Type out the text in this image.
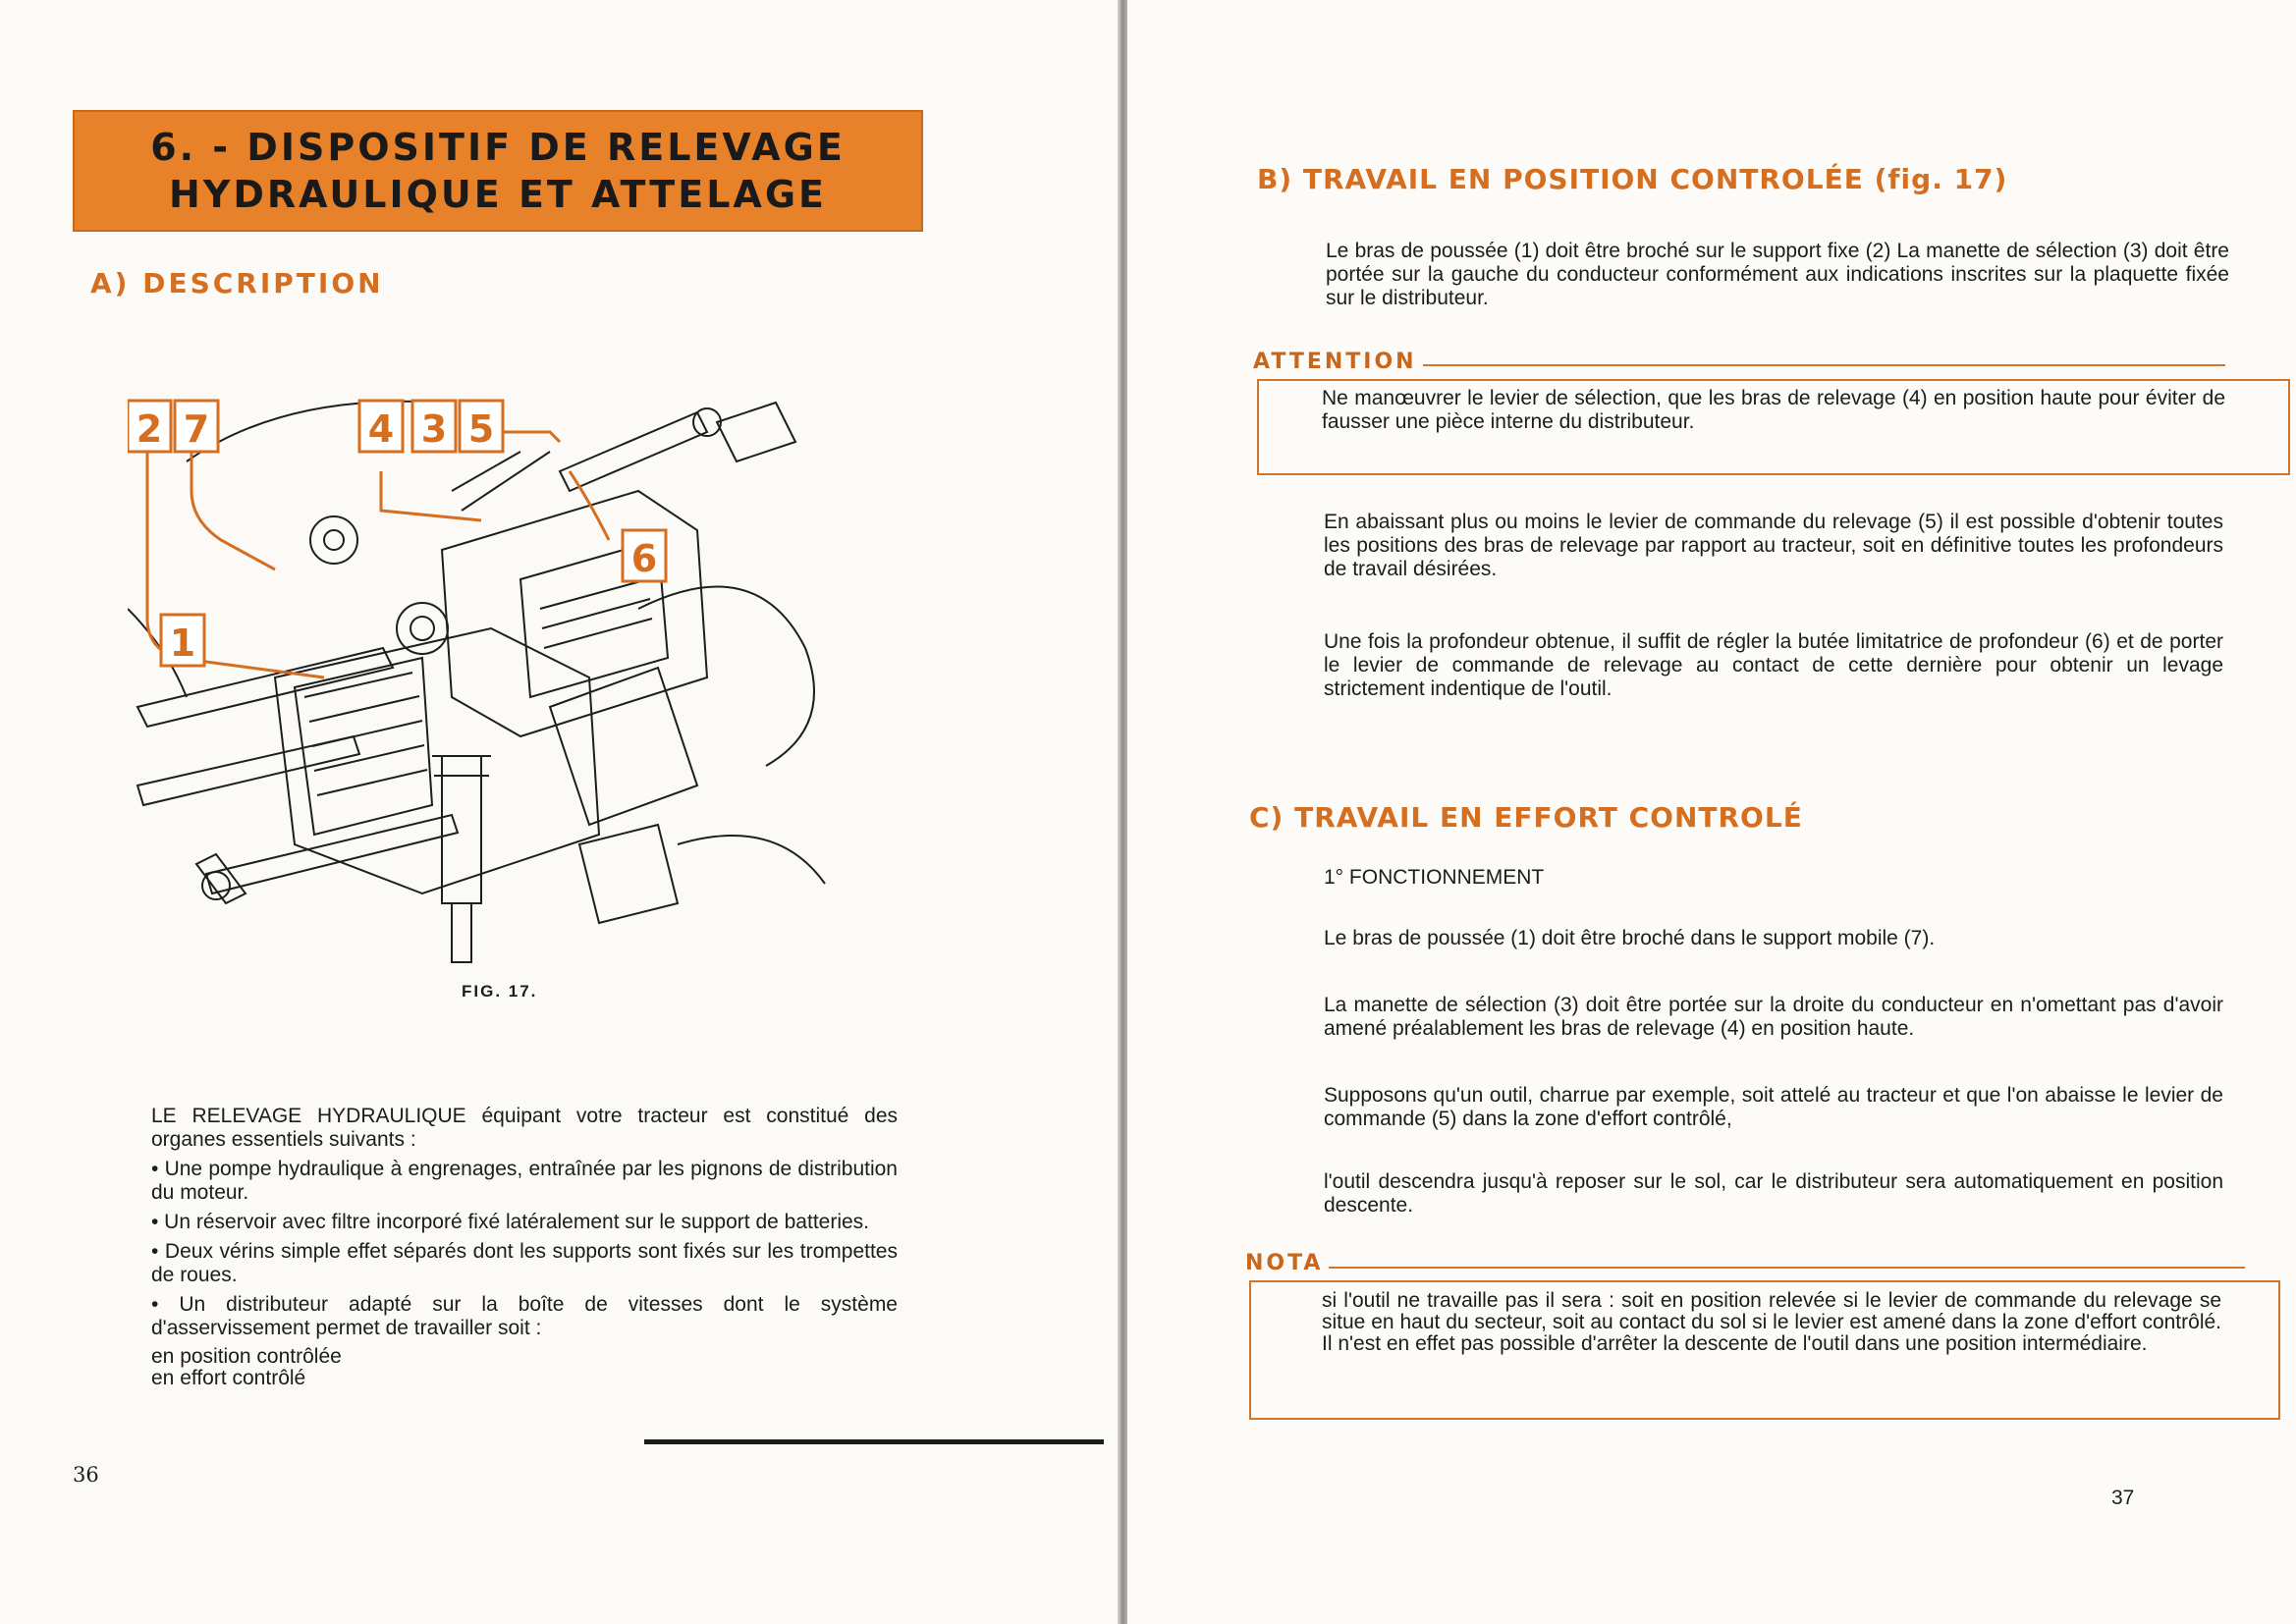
6. - DISPOSITIF DE RELEVAGE
HYDRAULIQUE ET ATTELAGE
A) DESCRIPTION
2 7	4 3 5
6
1
FIG. 17.

LE RELEVAGE HYDRAULIQUE équipant votre tracteur est constitué des organes essentiels suivants :

• Une pompe hydraulique à engrenages, entraînée par les pignons de distribution du moteur.

• Un réservoir avec filtre incorporé fixé latéralement sur le support de batteries.

• Deux vérins simple effet séparés dont les supports sont fixés sur les trompettes de roues.

• Un distributeur adapté sur la boîte de vitesses dont le système d'asservissement permet de travailler soit :

en position contrôlée

en effort contrôlé

36
B) TRAVAIL EN POSITION CONTROLÉE (fig. 17)

Le bras de poussée (1) doit être broché sur le support fixe (2) La manette de sélection (3) doit être portée sur la gauche du conducteur conformément aux indications inscrites sur la plaquette fixée sur le distributeur.

ATTENTION

Ne manœuvrer le levier de sélection, que les bras de relevage (4) en position haute pour éviter de fausser une pièce interne du distributeur.

En abaissant plus ou moins le levier de commande du relevage (5) il est possible d'obtenir toutes les positions des bras de relevage par rapport au tracteur, soit en définitive toutes les profondeurs de travail désirées.

Une fois la profondeur obtenue, il suffit de régler la butée limitatrice de profondeur (6) et de porter le levier de commande de relevage au contact de cette dernière pour obtenir un levage strictement indentique de l'outil.

C) TRAVAIL EN EFFORT CONTROLÉ
1° FONCTIONNEMENT

Le bras de poussée (1) doit être broché dans le support mobile (7).

La manette de sélection (3) doit être portée sur la droite du conducteur en n'omettant pas d'avoir amené préalablement les bras de relevage (4) en position haute.

Supposons qu'un outil, charrue par exemple, soit attelé au tracteur et que l'on abaisse le levier de commande (5) dans la zone d'effort contrôlé,

l'outil descendra jusqu'à reposer sur le sol, car le distributeur sera automatiquement en position descente.

NOTA

si l'outil ne travaille pas il sera : soit en position relevée si le levier de commande du relevage se situe en haut du secteur, soit au contact du sol si le levier est amené dans la zone d'effort contrôlé. Il n'est en effet pas possible d'arrêter la descente de l'outil dans une position intermédiaire.

37
